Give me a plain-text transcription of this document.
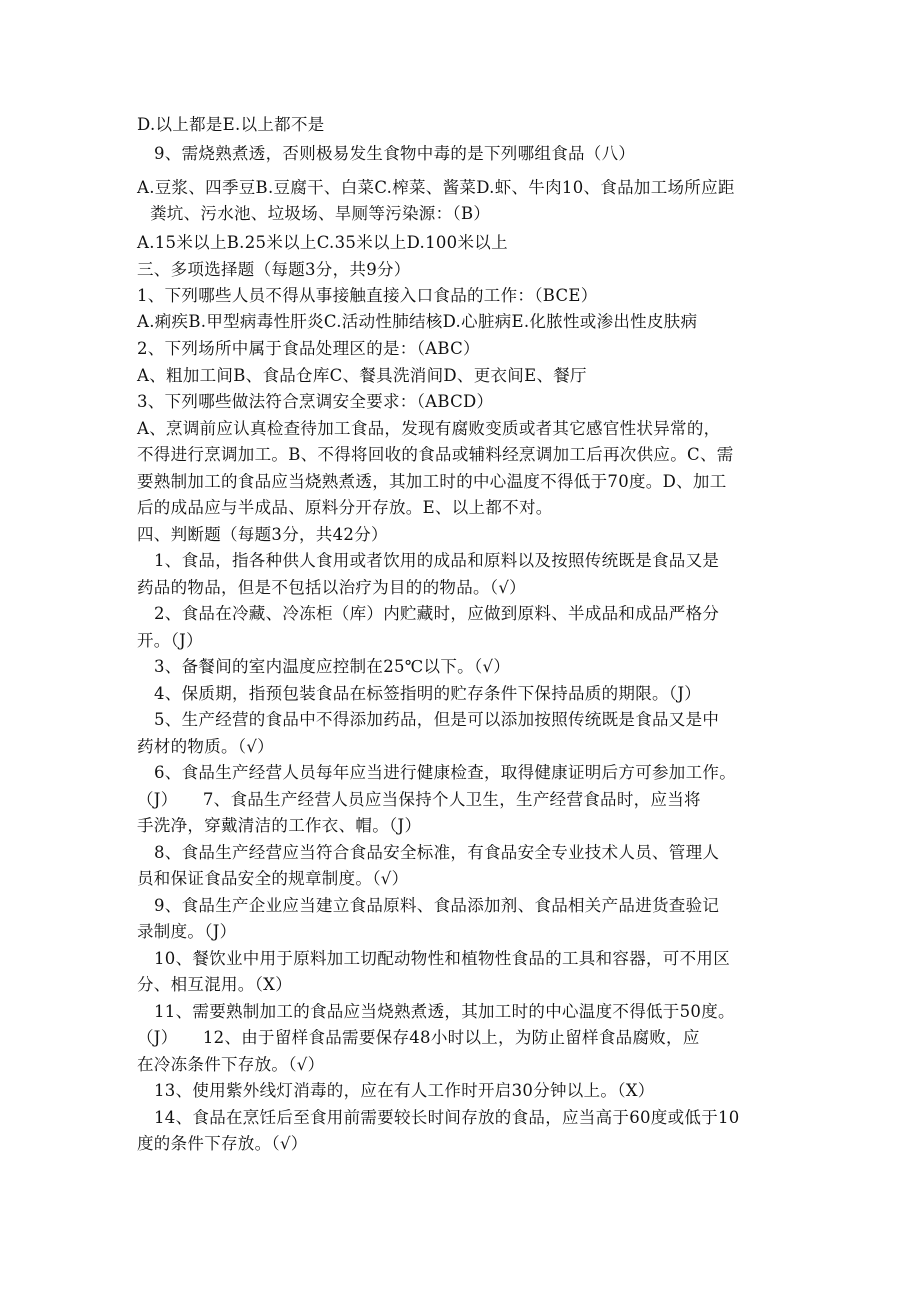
D.以上都是E.以上都不是
9、需烧熟煮透，否则极易发生食物中毒的是下列哪组食品（八）
A.豆浆、四季豆B.豆腐干、白菜C.榨菜、酱菜D.虾、牛肉10、食品加工场所应距
粪坑、污水池、垃圾场、旱厕等污染源：（B）
A.15米以上B.25米以上C.35米以上D.100米以上
三、多项选择题（每题3分，共9分）
1、下列哪些人员不得从事接触直接入口食品的工作：（BCE）
A.痢疾B.甲型病毒性肝炎C.活动性肺结核D.心脏病E.化脓性或渗出性皮肤病
2、下列场所中属于食品处理区的是：（ABC）
A、粗加工间B、食品仓库C、餐具洗消间D、更衣间E、餐厅
3、下列哪些做法符合烹调安全要求：（ABCD）
A、烹调前应认真检查待加工食品，发现有腐败变质或者其它感官性状异常的，
不得进行烹调加工。B、不得将回收的食品或辅料经烹调加工后再次供应。C、需
要熟制加工的食品应当烧熟煮透，其加工时的中心温度不得低于70度。D、加工
后的成品应与半成品、原料分开存放。E、以上都不对。
四、判断题（每题3分，共42分）
1、食品，指各种供人食用或者饮用的成品和原料以及按照传统既是食品又是
药品的物品，但是不包括以治疗为目的的物品。（√）
2、食品在冷藏、冷冻柜（库）内贮藏时，应做到原料、半成品和成品严格分
开。（J）
3、备餐间的室内温度应控制在25℃以下。（√）
4、保质期，指预包装食品在标签指明的贮存条件下保持品质的期限。（J）
5、生产经营的食品中不得添加药品，但是可以添加按照传统既是食品又是中
药材的物质。（√）
6、食品生产经营人员每年应当进行健康检查，取得健康证明后方可参加工作。
（J）　　7、食品生产经营人员应当保持个人卫生，生产经营食品时，应当将
手洗净，穿戴清洁的工作衣、帽。（J）
8、食品生产经营应当符合食品安全标准，有食品安全专业技术人员、管理人
员和保证食品安全的规章制度。（√）
9、食品生产企业应当建立食品原料、食品添加剂、食品相关产品进货查验记
录制度。（J）
10、餐饮业中用于原料加工切配动物性和植物性食品的工具和容器，可不用区
分、相互混用。（X）
11、需要熟制加工的食品应当烧熟煮透，其加工时的中心温度不得低于50度。
（J）　　12、由于留样食品需要保存48小时以上，为防止留样食品腐败，应
在冷冻条件下存放。（√）
13、使用紫外线灯消毒的，应在有人工作时开启30分钟以上。（X）
14、食品在烹饪后至食用前需要较长时间存放的食品，应当高于60度或低于10
度的条件下存放。（√）
